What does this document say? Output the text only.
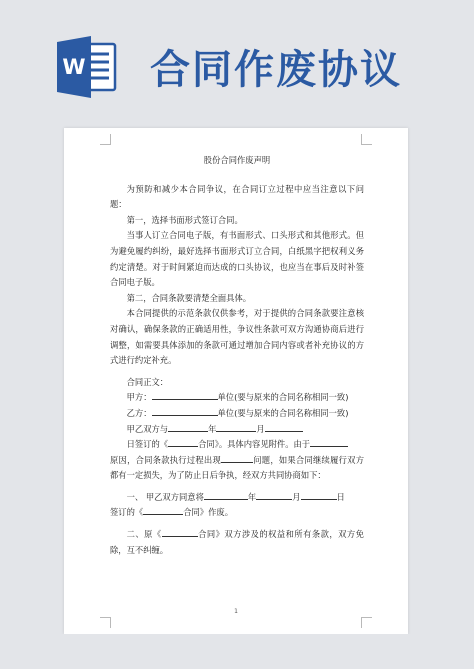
W 合同作废协议
股份合同作废声明

为预防和减少本合同争议，在合同订立过程中应当注意以下问题：

第一，选择书面形式签订合同。

当事人订立合同电子版，有书面形式、口头形式和其他形式。但为避免履约纠纷，最好选择书面形式订立合同，白纸黑字把权利义务约定清楚。对于时间紧迫而达成的口头协议，也应当在事后及时补签合同电子版。

第二，合同条款要清楚全面具体。

本合同提供的示范条款仅供参考，对于提供的合同条款要注意核对确认，确保条款的正确适用性，争议性条款可双方沟通协商后进行调整，如需要具体添加的条款可通过增加合同内容或者补充协议的方式进行约定补充。

合同正文：

甲方：	单位(要与原来的合同名称相同一致)

乙方：	单位(要与原来的合同名称相同一致)

甲乙双方与	年	月

日签订的《	合同》。具体内容见附件。由于

原因，合同条款执行过程出现	问题，如果合同继续履行双方都有一定损失，为了防止日后争执，经双方共同协商如下：

一、 甲乙双方同意将	年	月	日

签订的《	合同》作废。

二、原《	合同》双方涉及的权益和所有条款，双方免除，互不纠缠。

1
